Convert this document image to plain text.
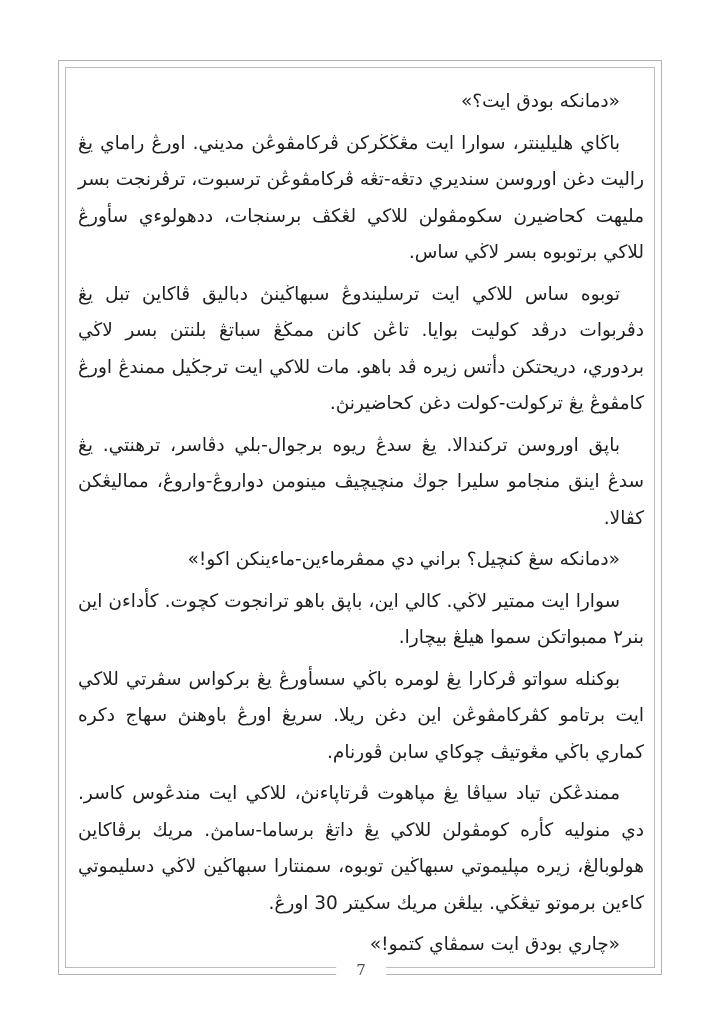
«دمانكه بودق ايت؟»

باڬاي هليلينتر، سوارا ايت مڠڬڬركن ڤركامڤوڠن مديني. اورڠ راماي يڠ راليت دغن اوروسن سنديري دتڠه-تڠه ڤركامڤوڠن ترسبوت، ترڤرنجت بسر مليهت كحاضيرن سكومڤولن للاكي لڠكڤ برسنجات، ددهولوءي سأورڠ للاكي برتوبوه بسر لاڬي ساس.

توبوه ساس للاكي ايت ترسليندوڠ سبهاڬينڽ دباليق ڤاكاين تبل يڠ دڤربوات درڤد كوليت بوايا. تاڠن كانن ممڬڠ سباتڠ بلنتن بسر لاڬي بردوري، دريحتكن دأتس زيره ڤد باهو. مات للاكي ايت ترجڬيل ممندڠ اورڠ كامڤوڠ يڠ تركولت-كولت دغن كحاضيرنڽ.

باڽق اوروسن تركندالا. يڠ سدڠ ريوه برجوال-بلي دڤاسر، ترهنتي. يڠ سدڠ اينق منجامو سليرا جوڬ منچيچيڤ مينومن دواروڠ-واروڠ، مماليڠكن كڤالا.

«دمانكه سڠ كنچيل؟ براني دي ممڤرماءين-ماءينكن اكو!»

سوارا ايت ممتير لاڬي. كالي اين، باڽق باهو ترانجوت كچوت. كأداءن اين بنر٢ ممبواتكن سموا هيلڠ بيچارا.

بوكنله سواتو ڤركارا يڠ لومره باڬي سسأورڠ يڠ بركواس سڤرتي للاكي ايت برتامو كڤركامڤوڠن اين دغن ريلا. سريڠ اورڠ باوهنڽ سهاج دكره كماري باڬي مڠوتيڤ چوكاي سابن ڤورنام.

ممندڠكن تياد سياڤا يڠ مڽاهوت ڤرتاڽاءنڽ، للاكي ايت مندڠوس كاسر. دي منوليه كأره كومڤولن للاكي يڠ داتڠ برساما-سامڽ. مريك برڤاكاين هولوبالڠ، زيره مڽليموتي سبهاڬين توبوه، سمنتارا سبهاڬين لاڬي دسليموتي كاءين برموتو تيڠڬي. بيلڠن مريك سكيتر 30 اورڠ.

«چاري بودق ايت سمڤاي كتمو!»

7
